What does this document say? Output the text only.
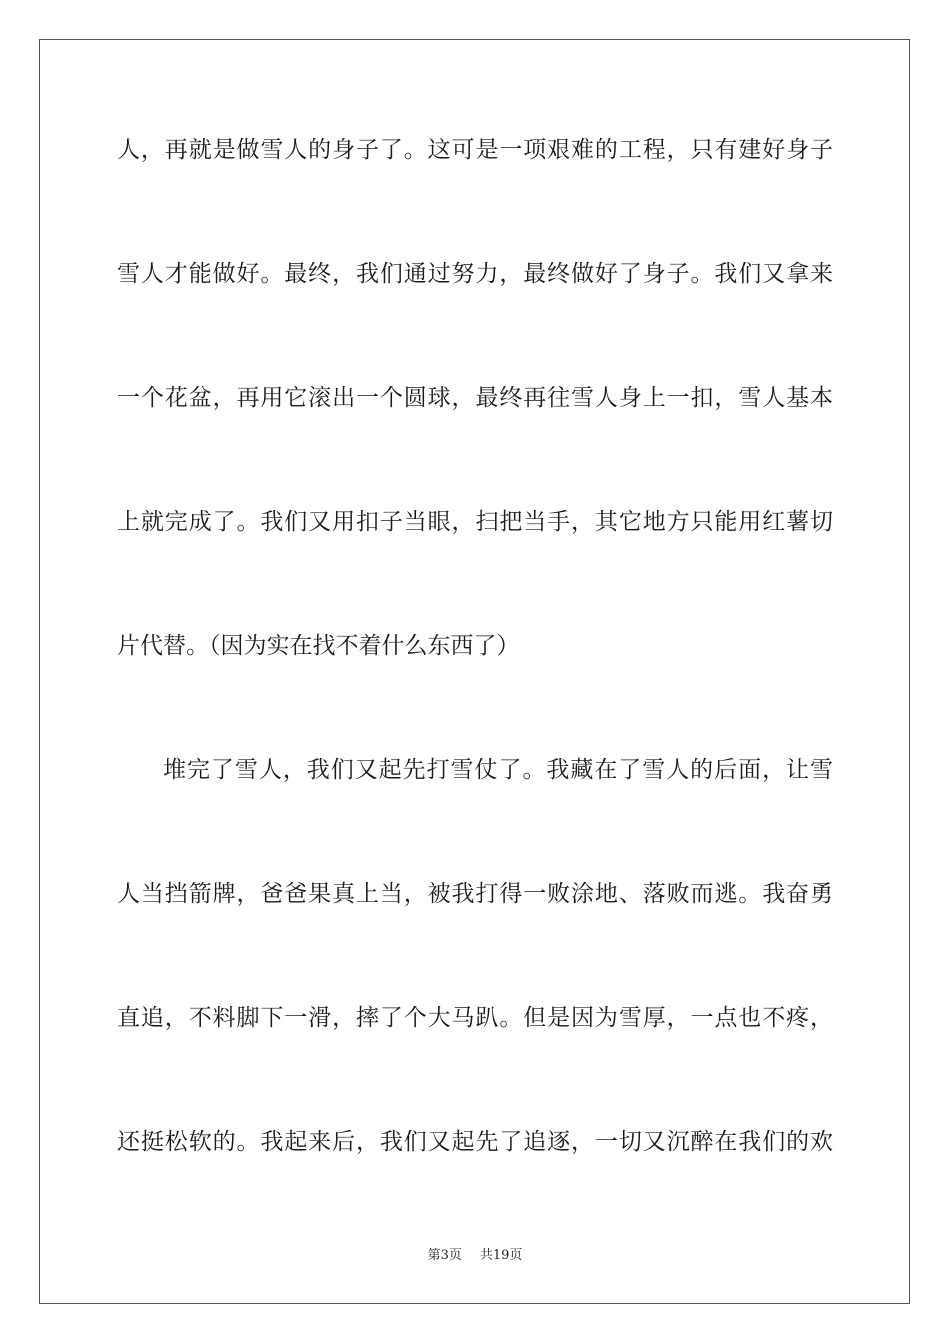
人，再就是做雪人的身子了。这可是一项艰难的工程，只有建好身子
雪人才能做好。最终，我们通过努力，最终做好了身子。我们又拿来
一个花盆，再用它滚出一个圆球，最终再往雪人身上一扣，雪人基本
上就完成了。我们又用扣子当眼，扫把当手，其它地方只能用红薯切
片代替。（因为实在找不着什么东西了）
堆完了雪人，我们又起先打雪仗了。我藏在了雪人的后面，让雪
人当挡箭牌，爸爸果真上当，被我打得一败涂地、落败而逃。我奋勇
直追，不料脚下一滑，摔了个大马趴。但是因为雪厚，一点也不疼，
还挺松软的。我起来后，我们又起先了追逐，一切又沉醉在我们的欢
第3页 共19页
